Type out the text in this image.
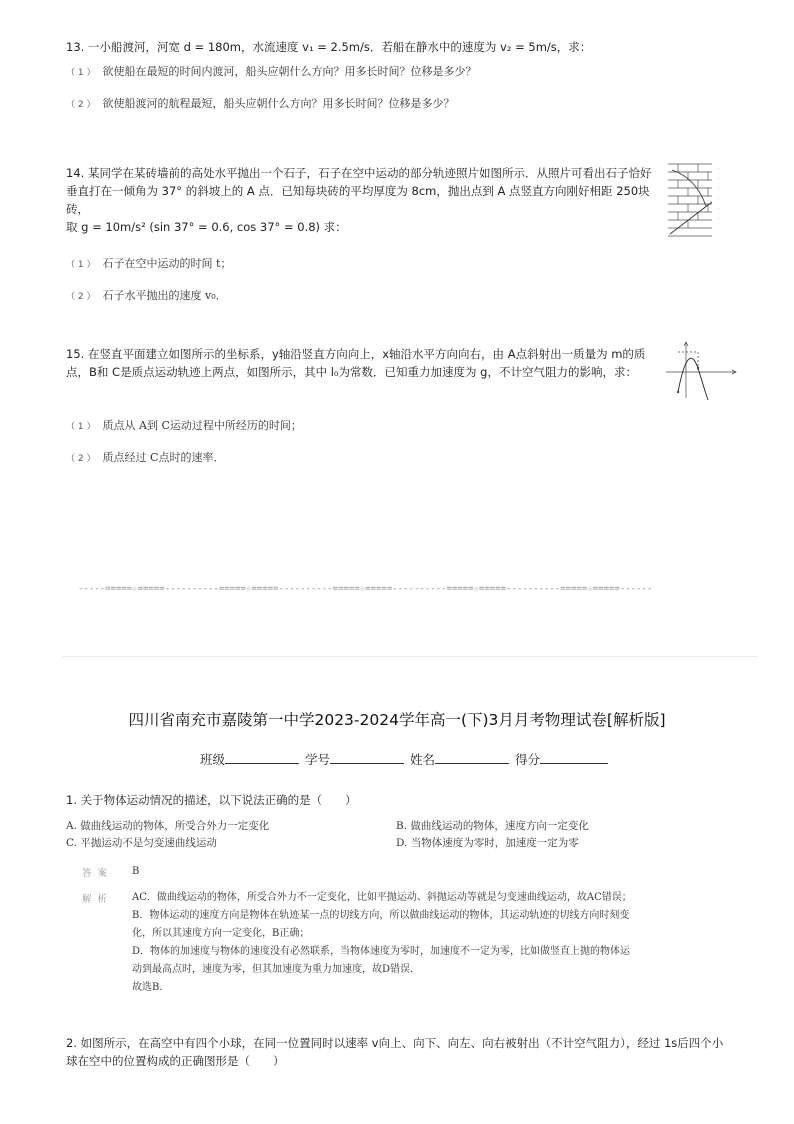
13. 一小船渡河，河宽 d = 180m，水流速度 v₁ = 2.5m/s．若船在静水中的速度为 v₂ = 5m/s，求：
（ 1 ） 欲使船在最短的时间内渡河，船头应朝什么方向？用多长时间？位移是多少？
（ 2 ） 欲使船渡河的航程最短，船头应朝什么方向？用多长时间？位移是多少？
14. 某同学在某砖墙前的高处水平抛出一个石子，石子在空中运动的部分轨迹照片如图所示．从照片可看出石子恰好
垂直打在一倾角为 37° 的斜坡上的 A 点．已知每块砖的平均厚度为 8cm，抛出点到 A 点竖直方向刚好相距 250块砖，
取 g = 10m/s² (sin 37° = 0.6, cos 37° = 0.8) 求：
·
·
·
·
·
·
（ 1 ） 石子在空中运动的时间 t；
（ 2 ） 石子水平抛出的速度 v₀．
15. 在竖直平面建立如图所示的坐标系，y轴沿竖直方向向上，x轴沿水平方向向右，由 A点斜射出一质量为 m的质
点，B和 C是质点运动轨迹上两点，如图所示，其中 l₀为常数．已知重力加速度为 g，不计空气阻力的影响，求：
（ 1 ） 质点从 A到 C运动过程中所经历的时间；
（ 2 ） 质点经过 C点时的速率．
-----=====☆=====----------=====☆=====----------=====☆=====----------=====☆=====----------=====☆=====------
四川省南充市嘉陵第一中学2023-2024学年高一(下)3月月考物理试卷[解析版]
班级	学号	姓名	得分
1. 关于物体运动情况的描述，以下说法正确的是（　　）
A. 做曲线运动的物体，所受合外力一定变化	B. 做曲线运动的物体，速度方向一定变化
C. 平抛运动不是匀变速曲线运动	D. 当物体速度为零时，加速度一定为零
答案 B
解析 AC．做曲线运动的物体，所受合外力不一定变化，比如平抛运动、斜抛运动等就是匀变速曲线运动，故AC错误；
B．物体运动的速度方向是物体在轨迹某一点的切线方向，所以做曲线运动的物体，其运动轨迹的切线方向时刻变
化，所以其速度方向一定变化，B正确；
D．物体的加速度与物体的速度没有必然联系，当物体速度为零时，加速度不一定为零，比如做竖直上抛的物体运
动到最高点时，速度为零，但其加速度为重力加速度，故D错误．
故选B．
2. 如图所示，在高空中有四个小球，在同一位置同时以速率 v向上、向下、向左、向右被射出（不计空气阻力），经过 1s后四个小
球在空中的位置构成的正确图形是（　　）
